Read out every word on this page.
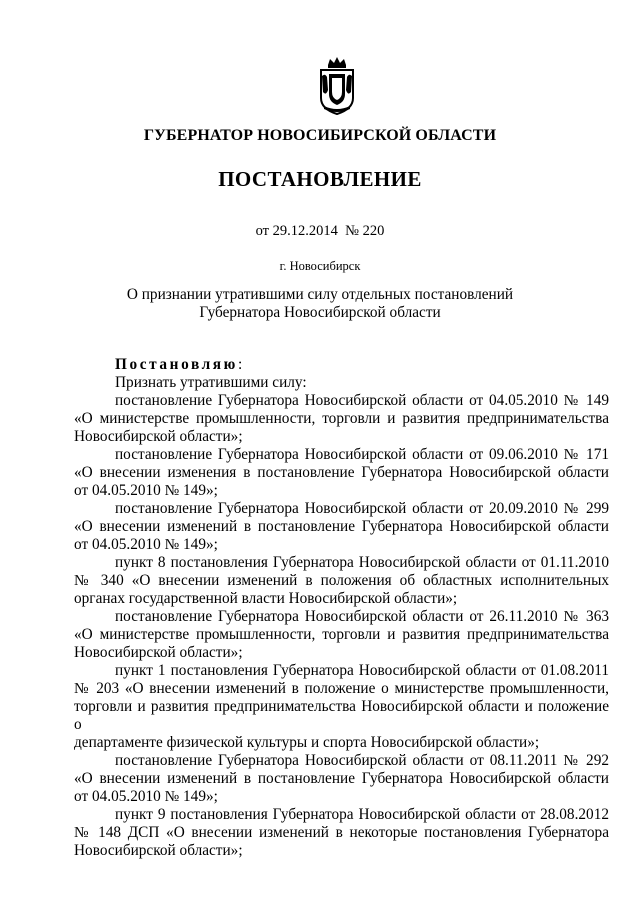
ГУБЕРНАТОР НОВОСИБИРСКОЙ ОБЛАСТИ
ПОСТАНОВЛЕНИЕ
от 29.12.2014  № 220
г. Новосибирск
О признании утратившими силу отдельных постановлений
Губернатора Новосибирской области
Постановляю:
Признать утратившими силу:
постановление Губернатора Новосибирской области от 04.05.2010 № 149
«О министерстве промышленности, торговли и развития предпринимательства
Новосибирской области»;
постановление Губернатора Новосибирской области от 09.06.2010 № 171
«О внесении изменения в постановление Губернатора Новосибирской области
от 04.05.2010 № 149»;
постановление Губернатора Новосибирской области от 20.09.2010 № 299
«О внесении изменений в постановление Губернатора Новосибирской области
от 04.05.2010 № 149»;
пункт 8 постановления Губернатора Новосибирской области от 01.11.2010
№ 340 «О внесении изменений в положения об областных исполнительных
органах государственной власти Новосибирской области»;
постановление Губернатора Новосибирской области от 26.11.2010 № 363
«О министерстве промышленности, торговли и развития предпринимательства
Новосибирской области»;
пункт 1 постановления Губернатора Новосибирской области от 01.08.2011
№ 203 «О внесении изменений в положение о министерстве промышленности,
торговли и развития предпринимательства Новосибирской области и положение о
департаменте физической культуры и спорта Новосибирской области»;
постановление Губернатора Новосибирской области от 08.11.2011 № 292
«О внесении изменений в постановление Губернатора Новосибирской области
от 04.05.2010 № 149»;
пункт 9 постановления Губернатора Новосибирской области от 28.08.2012
№ 148 ДСП «О внесении изменений в некоторые постановления Губернатора
Новосибирской области»;
